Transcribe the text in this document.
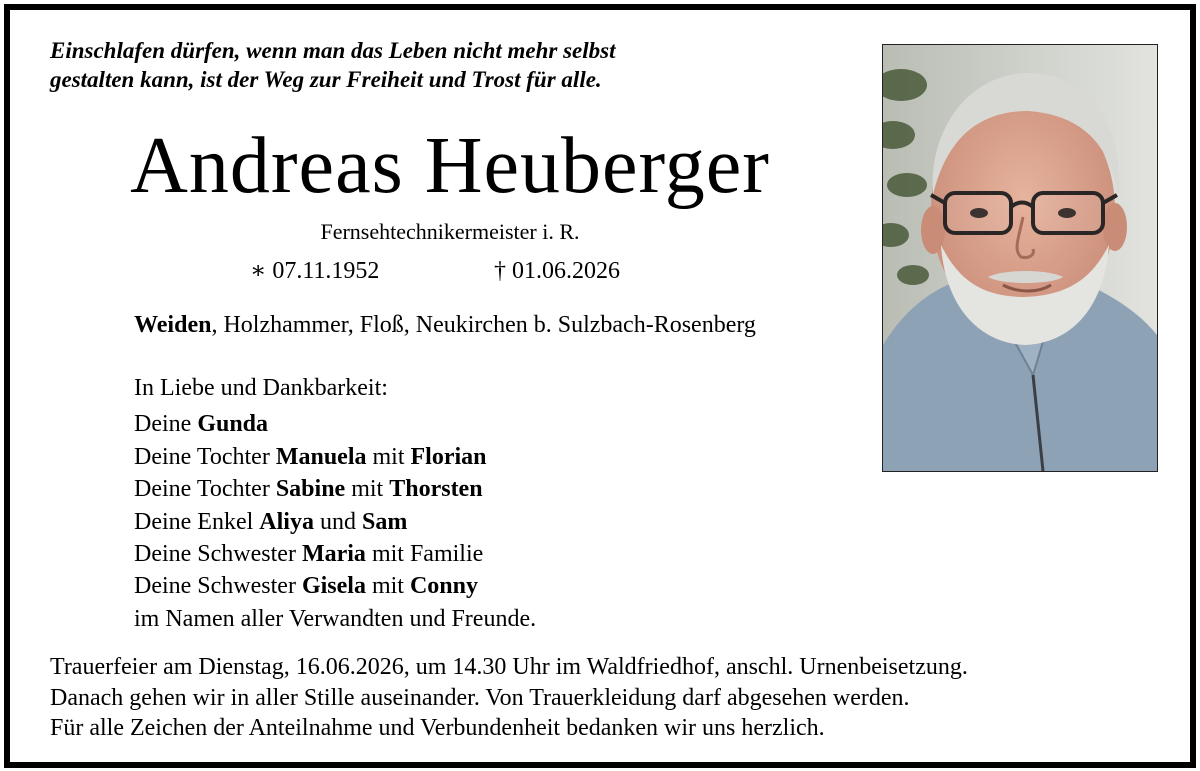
Einschlafen dürfen, wenn man das Leben nicht mehr selbst
gestalten kann, ist der Weg zur Freiheit und Trost für alle.
Andreas Heuberger
Fernsehtechnikermeister i. R.
∗ 07.11.1952	† 01.06.2026
Weiden, Holzhammer, Floß, Neukirchen b. Sulzbach-Rosenberg
In Liebe und Dankbarkeit:
Deine Gunda
Deine Tochter Manuela mit Florian
Deine Tochter Sabine mit Thorsten
Deine Enkel Aliya und Sam
Deine Schwester Maria mit Familie
Deine Schwester Gisela mit Conny
im Namen aller Verwandten und Freunde.
Trauerfeier am Dienstag, 16.06.2026, um 14.30 Uhr im Waldfriedhof, anschl. Urnenbeisetzung.
Danach gehen wir in aller Stille auseinander. Von Trauerkleidung darf abgesehen werden.
Für alle Zeichen der Anteilnahme und Verbundenheit bedanken wir uns herzlich.
